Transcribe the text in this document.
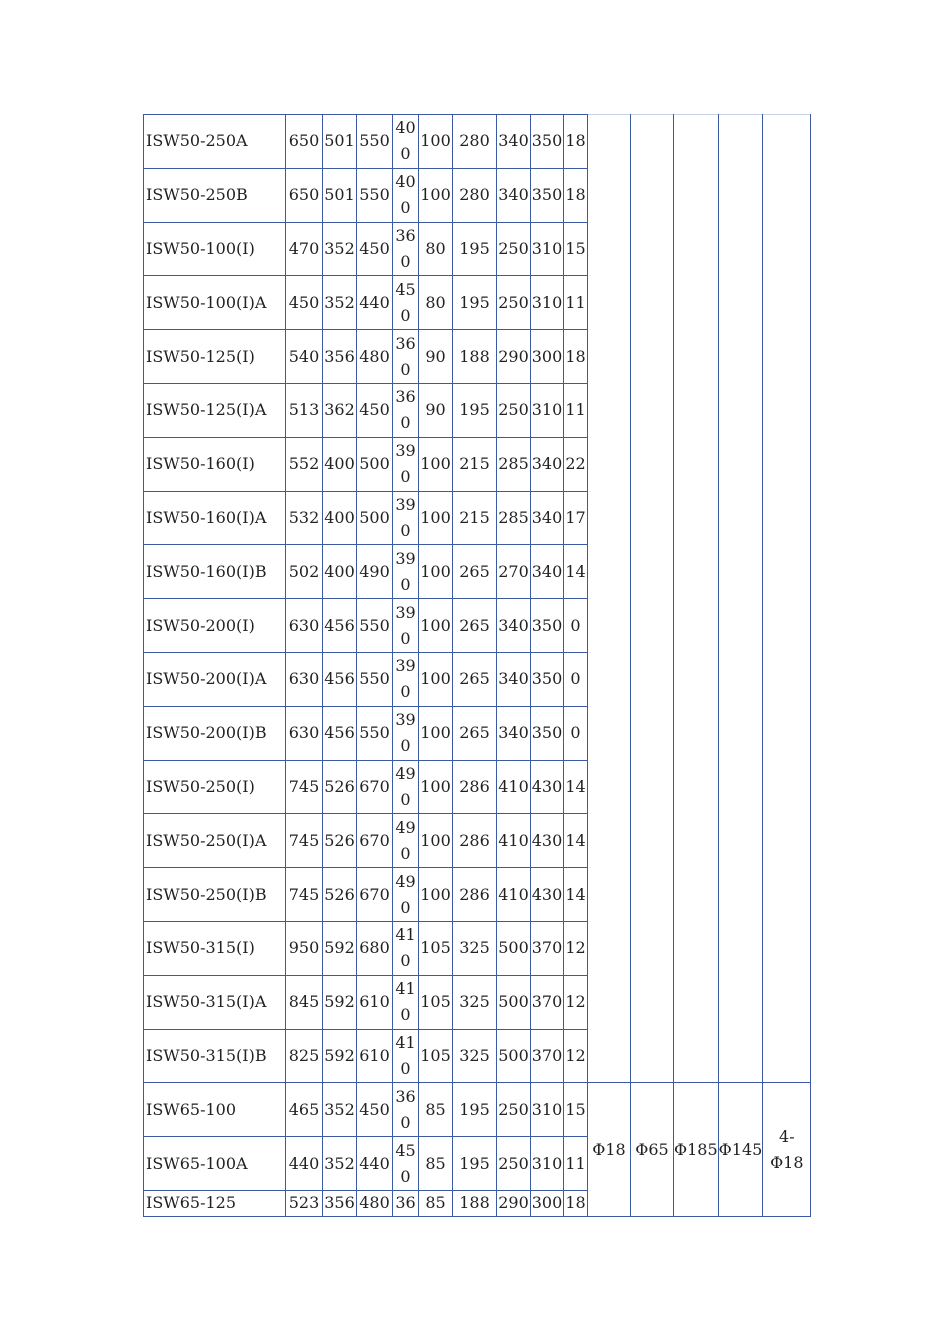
ISW50-250A	650	501	550	400	100	280	340	350	18					
ISW50-250B	650	501	550	400	100	280	340	350	18					
ISW50-100(I)	470	352	450	360	80	195	250	310	15					
ISW50-100(I)A	450	352	440	450	80	195	250	310	11					
ISW50-125(I)	540	356	480	360	90	188	290	300	18					
ISW50-125(I)A	513	362	450	360	90	195	250	310	11					
ISW50-160(I)	552	400	500	390	100	215	285	340	22					
ISW50-160(I)A	532	400	500	390	100	215	285	340	17					
ISW50-160(I)B	502	400	490	390	100	265	270	340	14					
ISW50-200(I)	630	456	550	390	100	265	340	350	0					
ISW50-200(I)A	630	456	550	390	100	265	340	350	0					
ISW50-200(I)B	630	456	550	390	100	265	340	350	0					
ISW50-250(I)	745	526	670	490	100	286	410	430	14					
ISW50-250(I)A	745	526	670	490	100	286	410	430	14					
ISW50-250(I)B	745	526	670	490	100	286	410	430	14					
ISW50-315(I)	950	592	680	410	105	325	500	370	12					
ISW50-315(I)A	845	592	610	410	105	325	500	370	12					
ISW50-315(I)B	825	592	610	410	105	325	500	370	12					
ISW65-100	465	352	450	360	85	195	250	310	15	Φ18	Φ65	Φ185	Φ145	4-Φ18
ISW65-100A	440	352	440	450	85	195	250	310	11					
ISW65-125	523	356	480	36	85	188	290	300	18					
